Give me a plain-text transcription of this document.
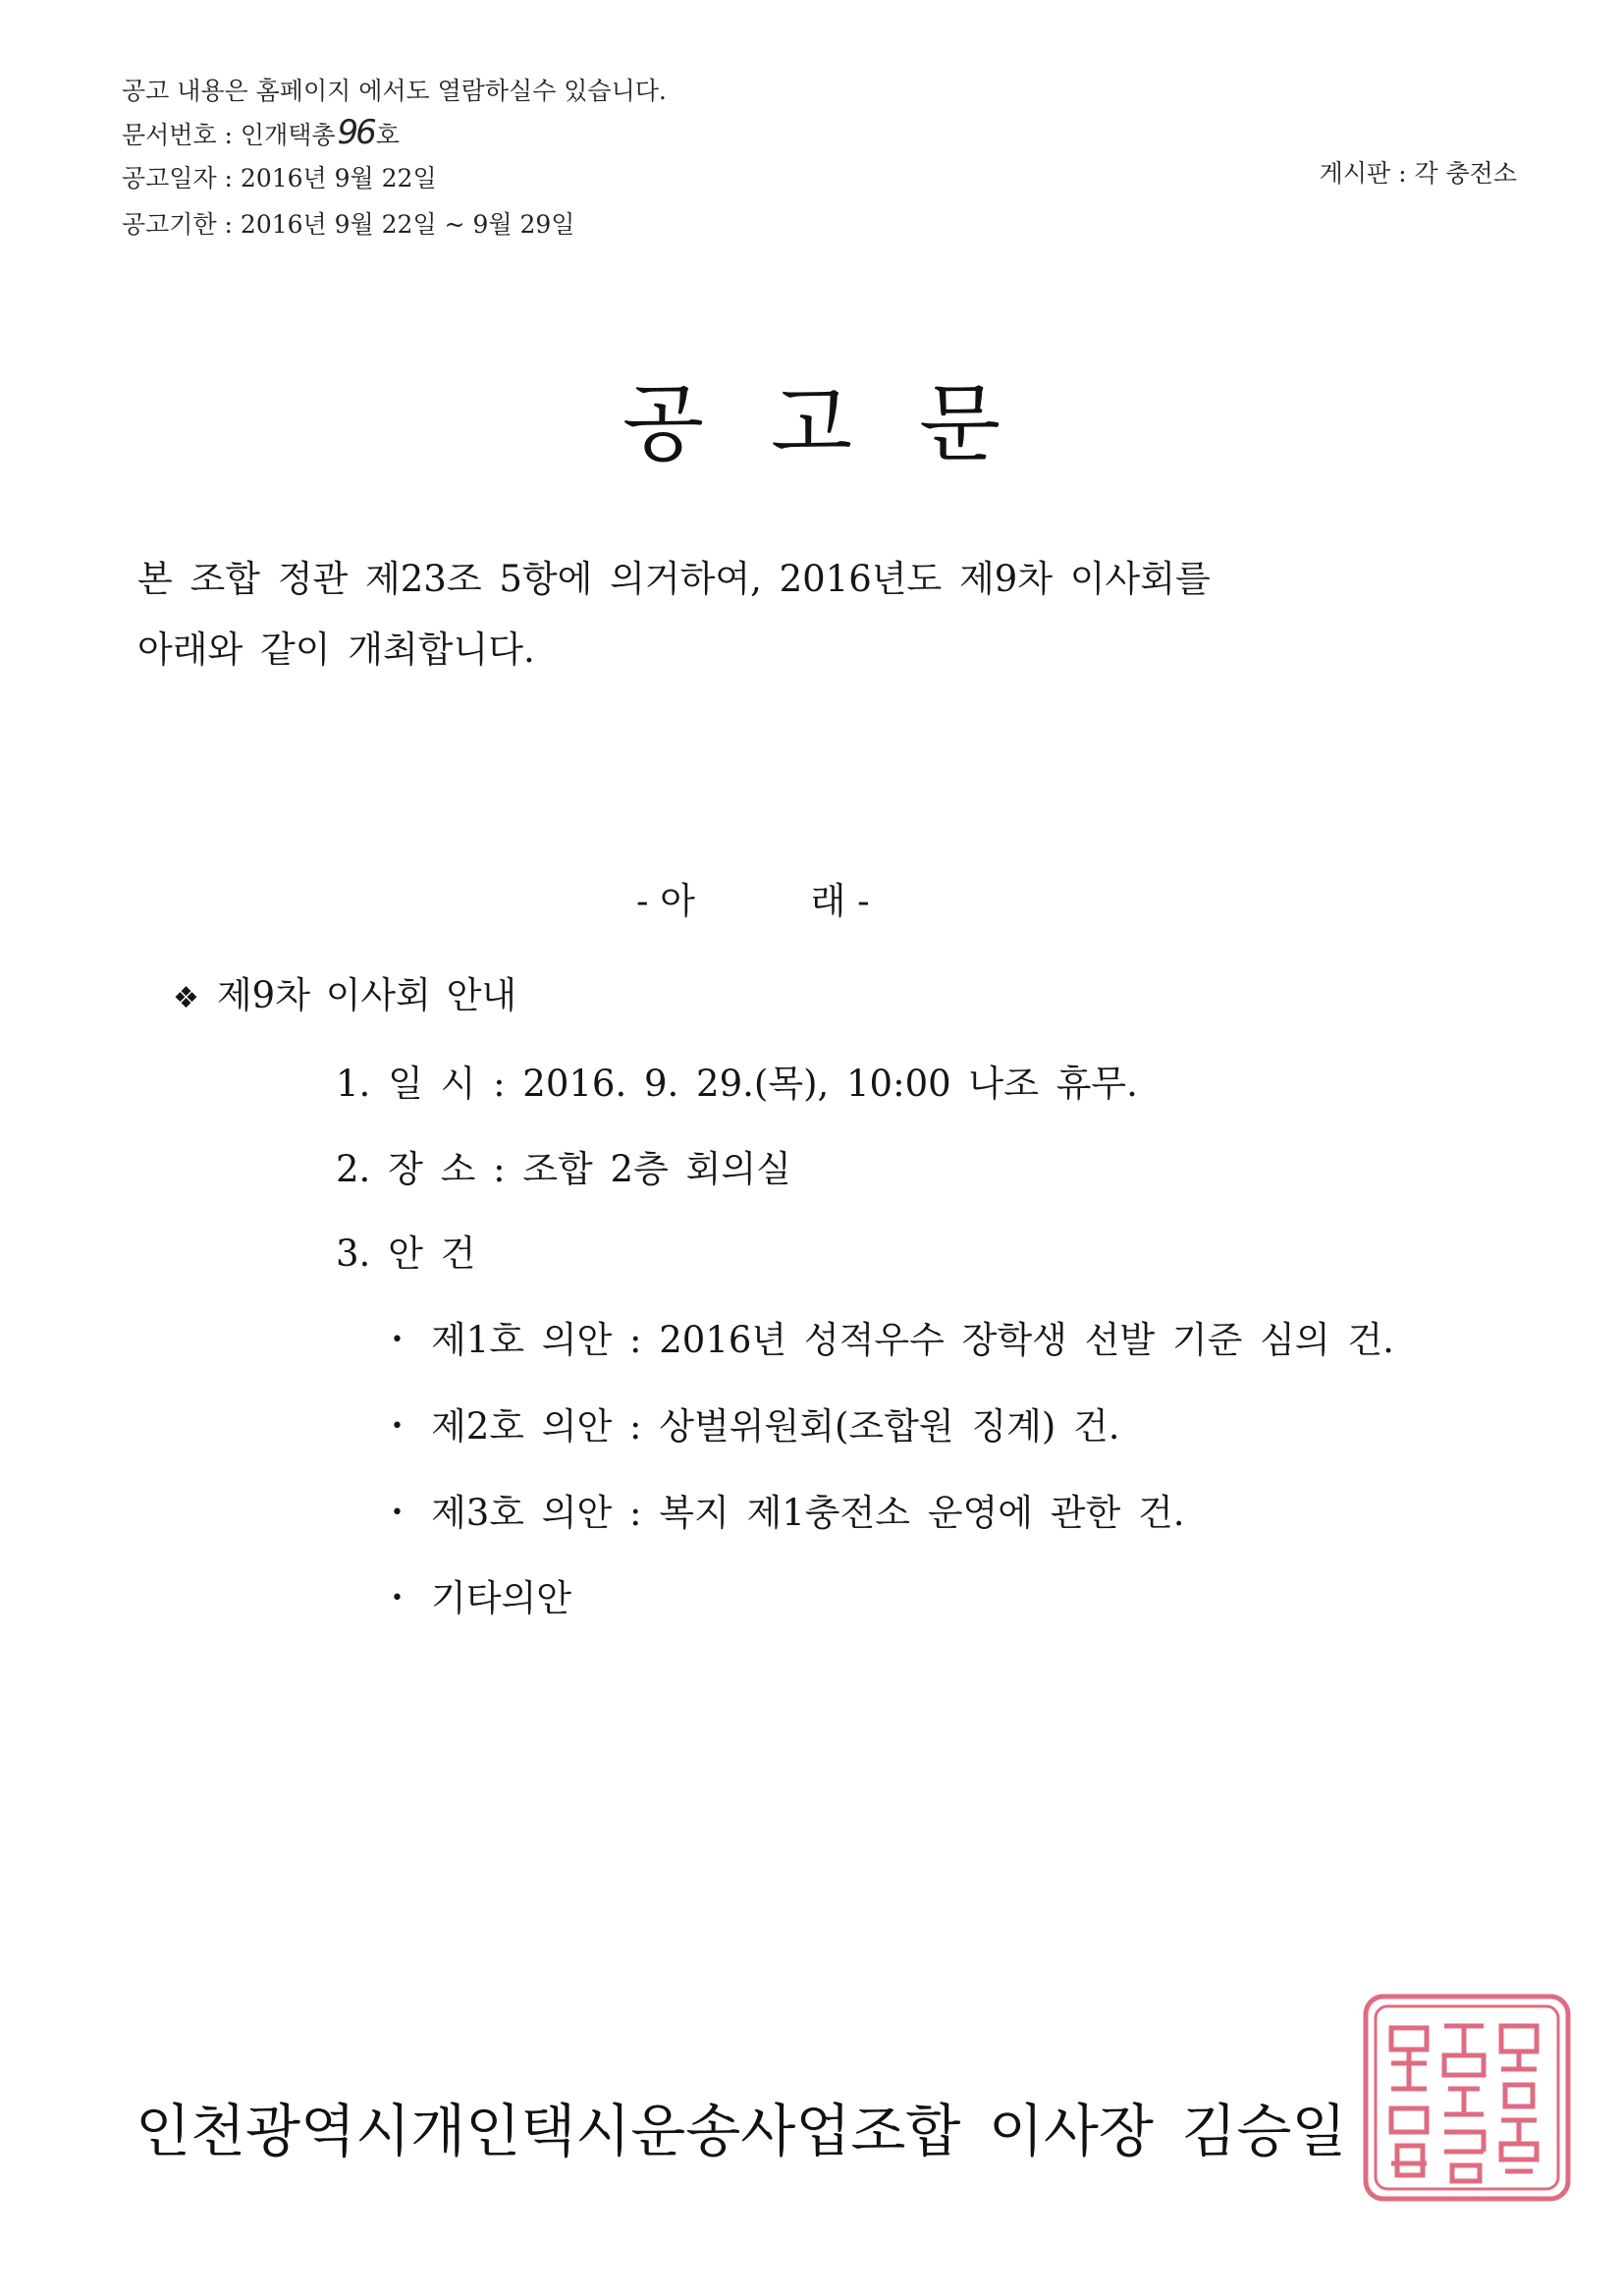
공고 내용은 홈페이지 에서도 열람하실수 있습니다.
문서번호 : 인개택총96호
공고일자 : 2016년 9월 22일
공고기한 : 2016년 9월 22일 ~ 9월 29일
게시판 : 각 충전소
공고문
본 조합 정관 제23조 5항에 의거하여, 2016년도 제9차 이사회를
아래와 같이 개최합니다.
- 아          래 -
❖ 제9차 이사회 안내
1. 일 시 : 2016. 9. 29.(목), 10:00 나조 휴무.
2. 장 소 : 조합 2층 회의실
3. 안 건
• 제1호 의안 : 2016년 성적우수 장학생 선발 기준 심의 건.
• 제2호 의안 : 상벌위원회(조합원 징계) 건.
• 제3호 의안 : 복지 제1충전소 운영에 관한 건.
• 기타의안
인천광역시개인택시운송사업조합 이사장 김승일
